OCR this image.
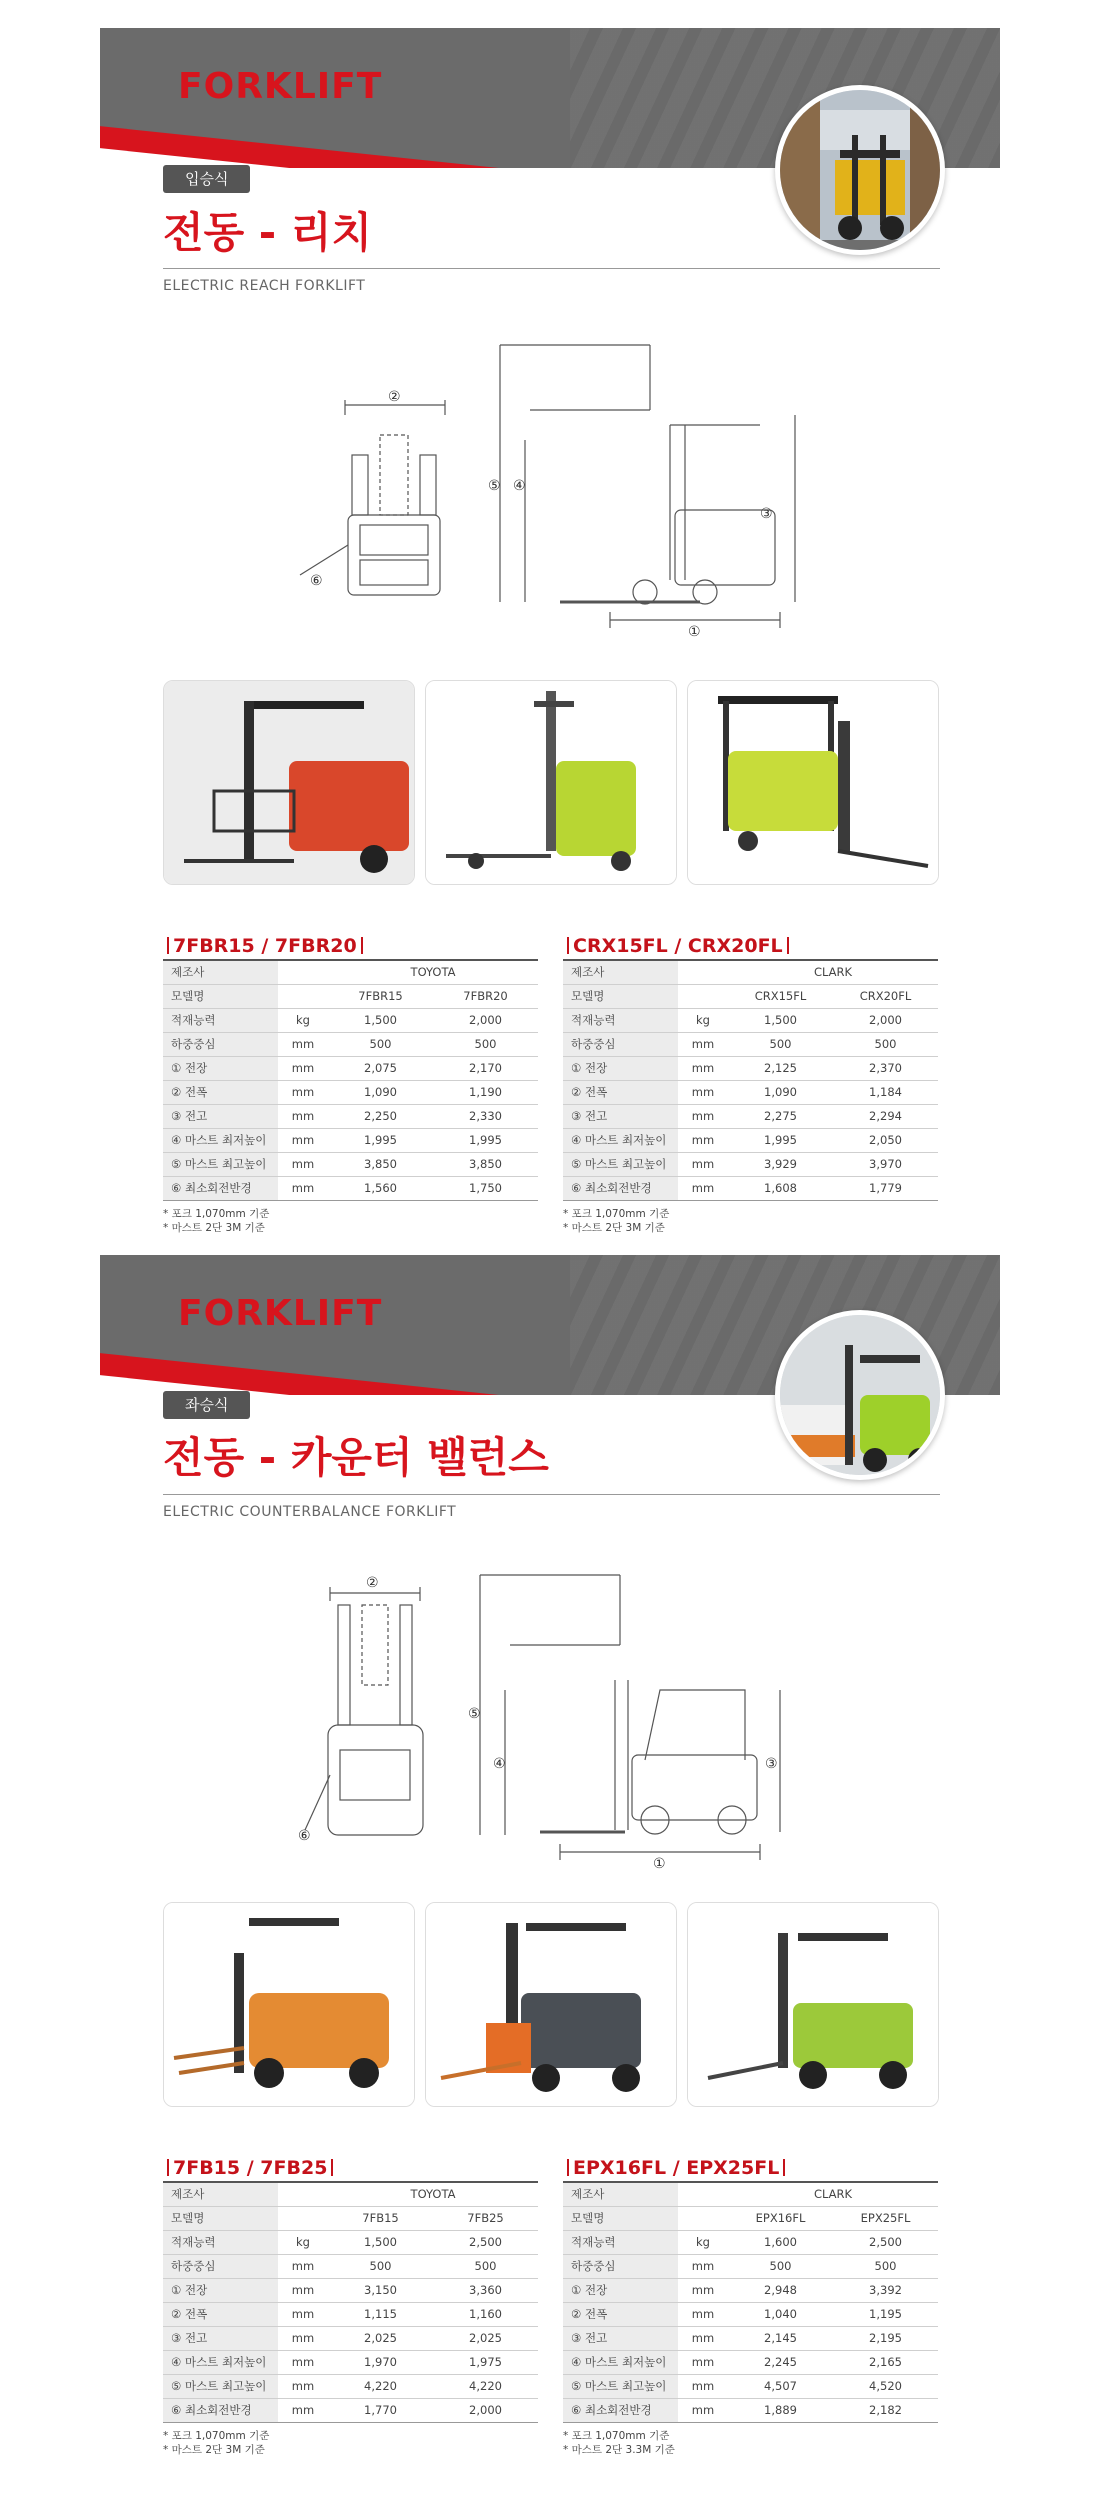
FORKLIFT
입승식
전동 - 리치
ELECTRIC REACH FORKLIFT
②
⑥
⑤ ④
③
①
7FBR15 / 7FBR20
제조사		TOYOTA	
모델명		7FBR15	7FBR20
적재능력	kg	1,500	2,000
하중중심	mm	500	500
① 전장	mm	2,075	2,170
② 전폭	mm	1,090	1,190
③ 전고	mm	2,250	2,330
④ 마스트 최저높이	mm	1,995	1,995
⑤ 마스트 최고높이	mm	3,850	3,850
⑥ 최소회전반경	mm	1,560	1,750
* 포크 1,070mm 기준
* 마스트 2단 3M 기준
CRX15FL / CRX20FL
제조사		CLARK	
모델명		CRX15FL	CRX20FL
적재능력	kg	1,500	2,000
하중중심	mm	500	500
① 전장	mm	2,125	2,370
② 전폭	mm	1,090	1,184
③ 전고	mm	2,275	2,294
④ 마스트 최저높이	mm	1,995	2,050
⑤ 마스트 최고높이	mm	3,929	3,970
⑥ 최소회전반경	mm	1,608	1,779
* 포크 1,070mm 기준
* 마스트 2단 3M 기준
FORKLIFT
좌승식
전동 - 카운터 밸런스
ELECTRIC COUNTERBALANCE FORKLIFT
②
⑥
⑤
④	③
①
7FB15 / 7FB25
제조사		TOYOTA	
모델명		7FB15	7FB25
적재능력	kg	1,500	2,500
하중중심	mm	500	500
① 전장	mm	3,150	3,360
② 전폭	mm	1,115	1,160
③ 전고	mm	2,025	2,025
④ 마스트 최저높이	mm	1,970	1,975
⑤ 마스트 최고높이	mm	4,220	4,220
⑥ 최소회전반경	mm	1,770	2,000
* 포크 1,070mm 기준
* 마스트 2단 3M 기준
EPX16FL / EPX25FL
제조사		CLARK	
모델명		EPX16FL	EPX25FL
적재능력	kg	1,600	2,500
하중중심	mm	500	500
① 전장	mm	2,948	3,392
② 전폭	mm	1,040	1,195
③ 전고	mm	2,145	2,195
④ 마스트 최저높이	mm	2,245	2,165
⑤ 마스트 최고높이	mm	4,507	4,520
⑥ 최소회전반경	mm	1,889	2,182
* 포크 1,070mm 기준
* 마스트 2단 3.3M 기준
